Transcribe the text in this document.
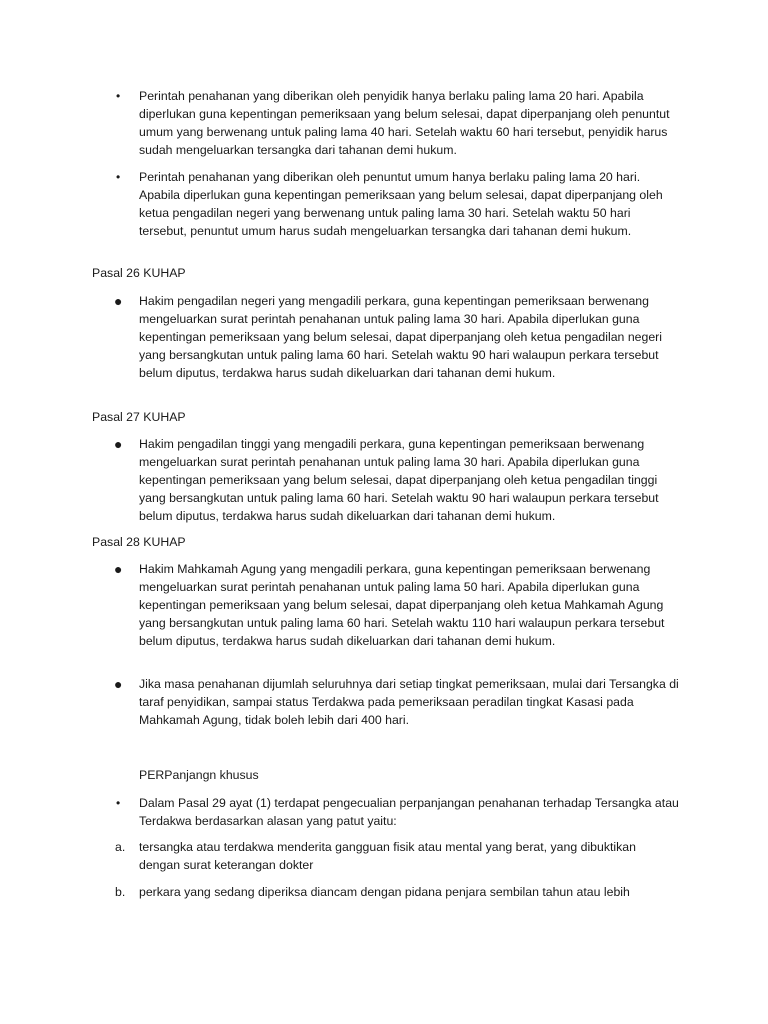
• Perintah penahanan yang diberikan oleh penyidik hanya berlaku paling lama 20 hari. Apabila diperlukan guna kepentingan pemeriksaan yang belum selesai, dapat diperpanjang oleh penuntut umum yang berwenang untuk paling lama 40 hari. Setelah waktu 60 hari tersebut, penyidik harus sudah mengeluarkan tersangka dari tahanan demi hukum.
• Perintah penahanan yang diberikan oleh penuntut umum hanya berlaku paling lama 20 hari. Apabila diperlukan guna kepentingan pemeriksaan yang belum selesai, dapat diperpanjang oleh ketua pengadilan negeri yang berwenang untuk paling lama 30 hari. Setelah waktu 50 hari tersebut, penuntut umum harus sudah mengeluarkan tersangka dari tahanan demi hukum.
Pasal 26 KUHAP
● Hakim pengadilan negeri yang mengadili perkara, guna kepentingan pemeriksaan berwenang mengeluarkan surat perintah penahanan untuk paling lama 30 hari. Apabila diperlukan guna kepentingan pemeriksaan yang belum selesai, dapat diperpanjang oleh ketua pengadilan negeri yang bersangkutan untuk paling lama 60 hari. Setelah waktu 90 hari walaupun perkara tersebut belum diputus, terdakwa harus sudah dikeluarkan dari tahanan demi hukum.
Pasal 27 KUHAP
● Hakim pengadilan tinggi yang mengadili perkara, guna kepentingan pemeriksaan berwenang mengeluarkan surat perintah penahanan untuk paling lama 30 hari. Apabila diperlukan guna kepentingan pemeriksaan yang belum selesai, dapat diperpanjang oleh ketua pengadilan tinggi yang bersangkutan untuk paling lama 60 hari. Setelah waktu 90 hari walaupun perkara tersebut belum diputus, terdakwa harus sudah dikeluarkan dari tahanan demi hukum.
Pasal 28 KUHAP
● Hakim Mahkamah Agung yang mengadili perkara, guna kepentingan pemeriksaan berwenang mengeluarkan surat perintah penahanan untuk paling lama 50 hari. Apabila diperlukan guna kepentingan pemeriksaan yang belum selesai, dapat diperpanjang oleh ketua Mahkamah Agung yang bersangkutan untuk paling lama 60 hari. Setelah waktu 110 hari walaupun perkara tersebut belum diputus, terdakwa harus sudah dikeluarkan dari tahanan demi hukum.
● Jika masa penahanan dijumlah seluruhnya dari setiap tingkat pemeriksaan, mulai dari Tersangka di taraf penyidikan, sampai status Terdakwa pada pemeriksaan peradilan tingkat Kasasi pada Mahkamah Agung, tidak boleh lebih dari 400 hari.
PERPanjangn khusus
• Dalam Pasal 29 ayat (1) terdapat pengecualian perpanjangan penahanan terhadap Tersangka atau Terdakwa berdasarkan alasan yang patut yaitu:
a. tersangka atau terdakwa menderita gangguan fisik atau mental yang berat, yang dibuktikan dengan surat keterangan dokter
b. perkara yang sedang diperiksa diancam dengan pidana penjara sembilan tahun atau lebih
